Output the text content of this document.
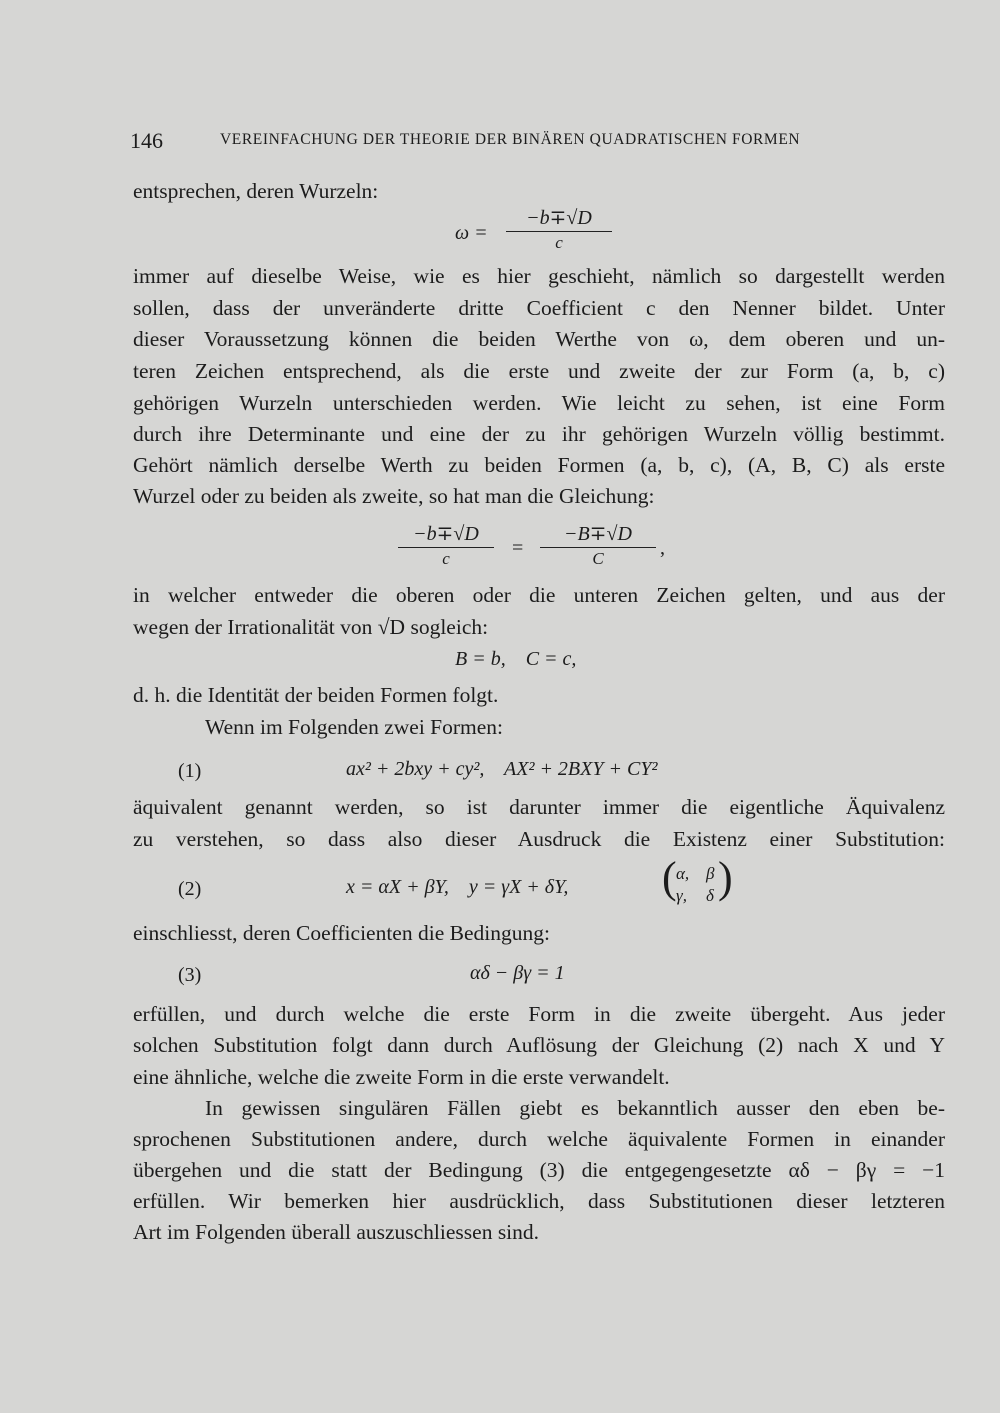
146	VEREINFACHUNG DER THEORIE DER BINÄREN QUADRATISCHEN FORMEN
entsprechen, deren Wurzeln:
$\omega = \frac{-b\mp√D}{c}$
immer auf dieselbe Weise, wie es hier geschieht, nämlich so dargestellt werden
sollen, dass der unveränderte dritte Coefficient c den Nenner bildet. Unter
dieser Voraussetzung können die beiden Werthe von ω, dem oberen und un-
teren Zeichen entsprechend, als die erste und zweite der zur Form (a, b, c)
gehörigen Wurzeln unterschieden werden. Wie leicht zu sehen, ist eine Form
durch ihre Determinante und eine der zu ihr gehörigen Wurzeln völlig bestimmt.
Gehört nämlich derselbe Werth zu beiden Formen (a, b, c), (A, B, C) als erste
Wurzel oder zu beiden als zweite, so hat man die Gleichung:
$\frac{-b\mp√D}{c} = \frac{-B\mp√D}{C}$ ,
in welcher entweder die oberen oder die unteren Zeichen gelten, und aus der
wegen der Irrationalität von √D sogleich:
B = b,    C = c,
d. h. die Identität der beiden Formen folgt.
Wenn im Folgenden zwei Formen:
(1)	ax² + 2bxy + cy²,    AX² + 2BXY + CY²
äquivalent genannt werden, so ist darunter immer die eigentliche Äquivalenz
zu verstehen, so dass also dieser Ausdruck die Existenz einer Substitution:
(2)	x = αX + βY,    y = γX + δY, ( α, β
γ, δ )
einschliesst, deren Coefficienten die Bedingung:
(3)	αδ − βγ = 1
erfüllen, und durch welche die erste Form in die zweite übergeht. Aus jeder
solchen Substitution folgt dann durch Auflösung der Gleichung (2) nach X und Y
eine ähnliche, welche die zweite Form in die erste verwandelt.
In gewissen singulären Fällen giebt es bekanntlich ausser den eben be-
sprochenen Substitutionen andere, durch welche äquivalente Formen in einander
übergehen und die statt der Bedingung (3) die entgegengesetzte αδ − βγ = −1
erfüllen. Wir bemerken hier ausdrücklich, dass Substitutionen dieser letzteren
Art im Folgenden überall auszuschliessen sind.
